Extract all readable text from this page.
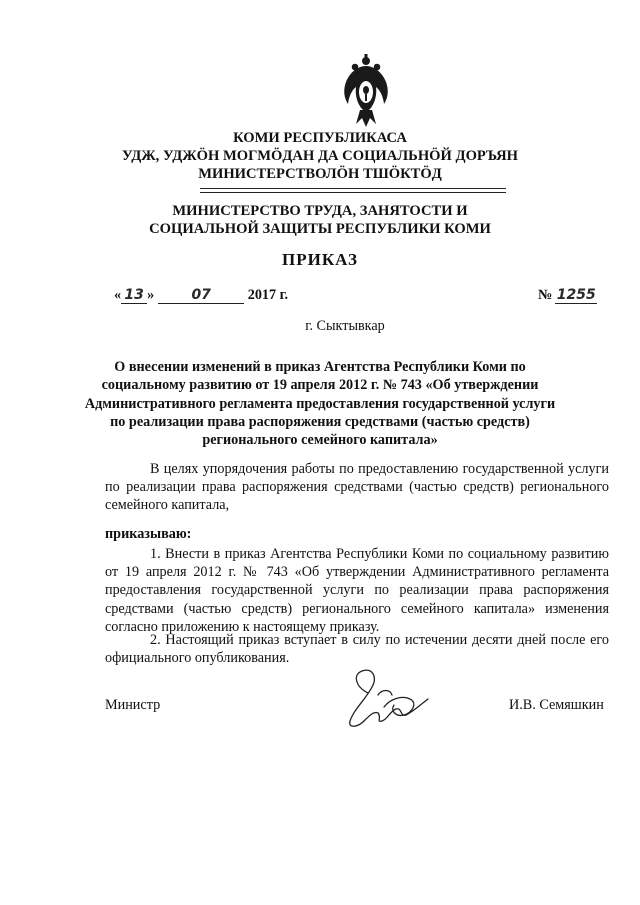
КОМИ РЕСПУБЛИКАСА
УДЖ, УДЖӦН МОГМӦДАН ДА СОЦИАЛЬНӦЙ ДОРЪЯН
МИНИСТЕРСТВОЛӦН ТШӦКТӦД
МИНИСТЕРСТВО ТРУДА, ЗАНЯТОСТИ И
СОЦИАЛЬНОЙ ЗАЩИТЫ РЕСПУБЛИКИ КОМИ
ПРИКАЗ
« 13 »	07	2017 г.	№ 1255
г. Сыктывкар
О внесении изменений в приказ Агентства Республики Коми по
социальному развитию от 19 апреля 2012 г. № 743 «Об утверждении
Административного регламента предоставления государственной услуги
по реализации права распоряжения средствами (частью средств)
регионального семейного капитала»
В целях упорядочения работы по предоставлению государственной услуги по реализации права распоряжения средствами (частью средств) регионального семейного капитала,
приказываю:
1. Внести в приказ Агентства Республики Коми по социальному развитию от 19 апреля 2012 г. № 743 «Об утверждении Административного регламента предоставления государственной услуги по реализации права распоряжения средствами (частью средств) регионального семейного капитала» изменения согласно приложению к настоящему приказу.
2. Настоящий приказ вступает в силу по истечении десяти дней после его официального опубликования.
Министр	И.В. Семяшкин
